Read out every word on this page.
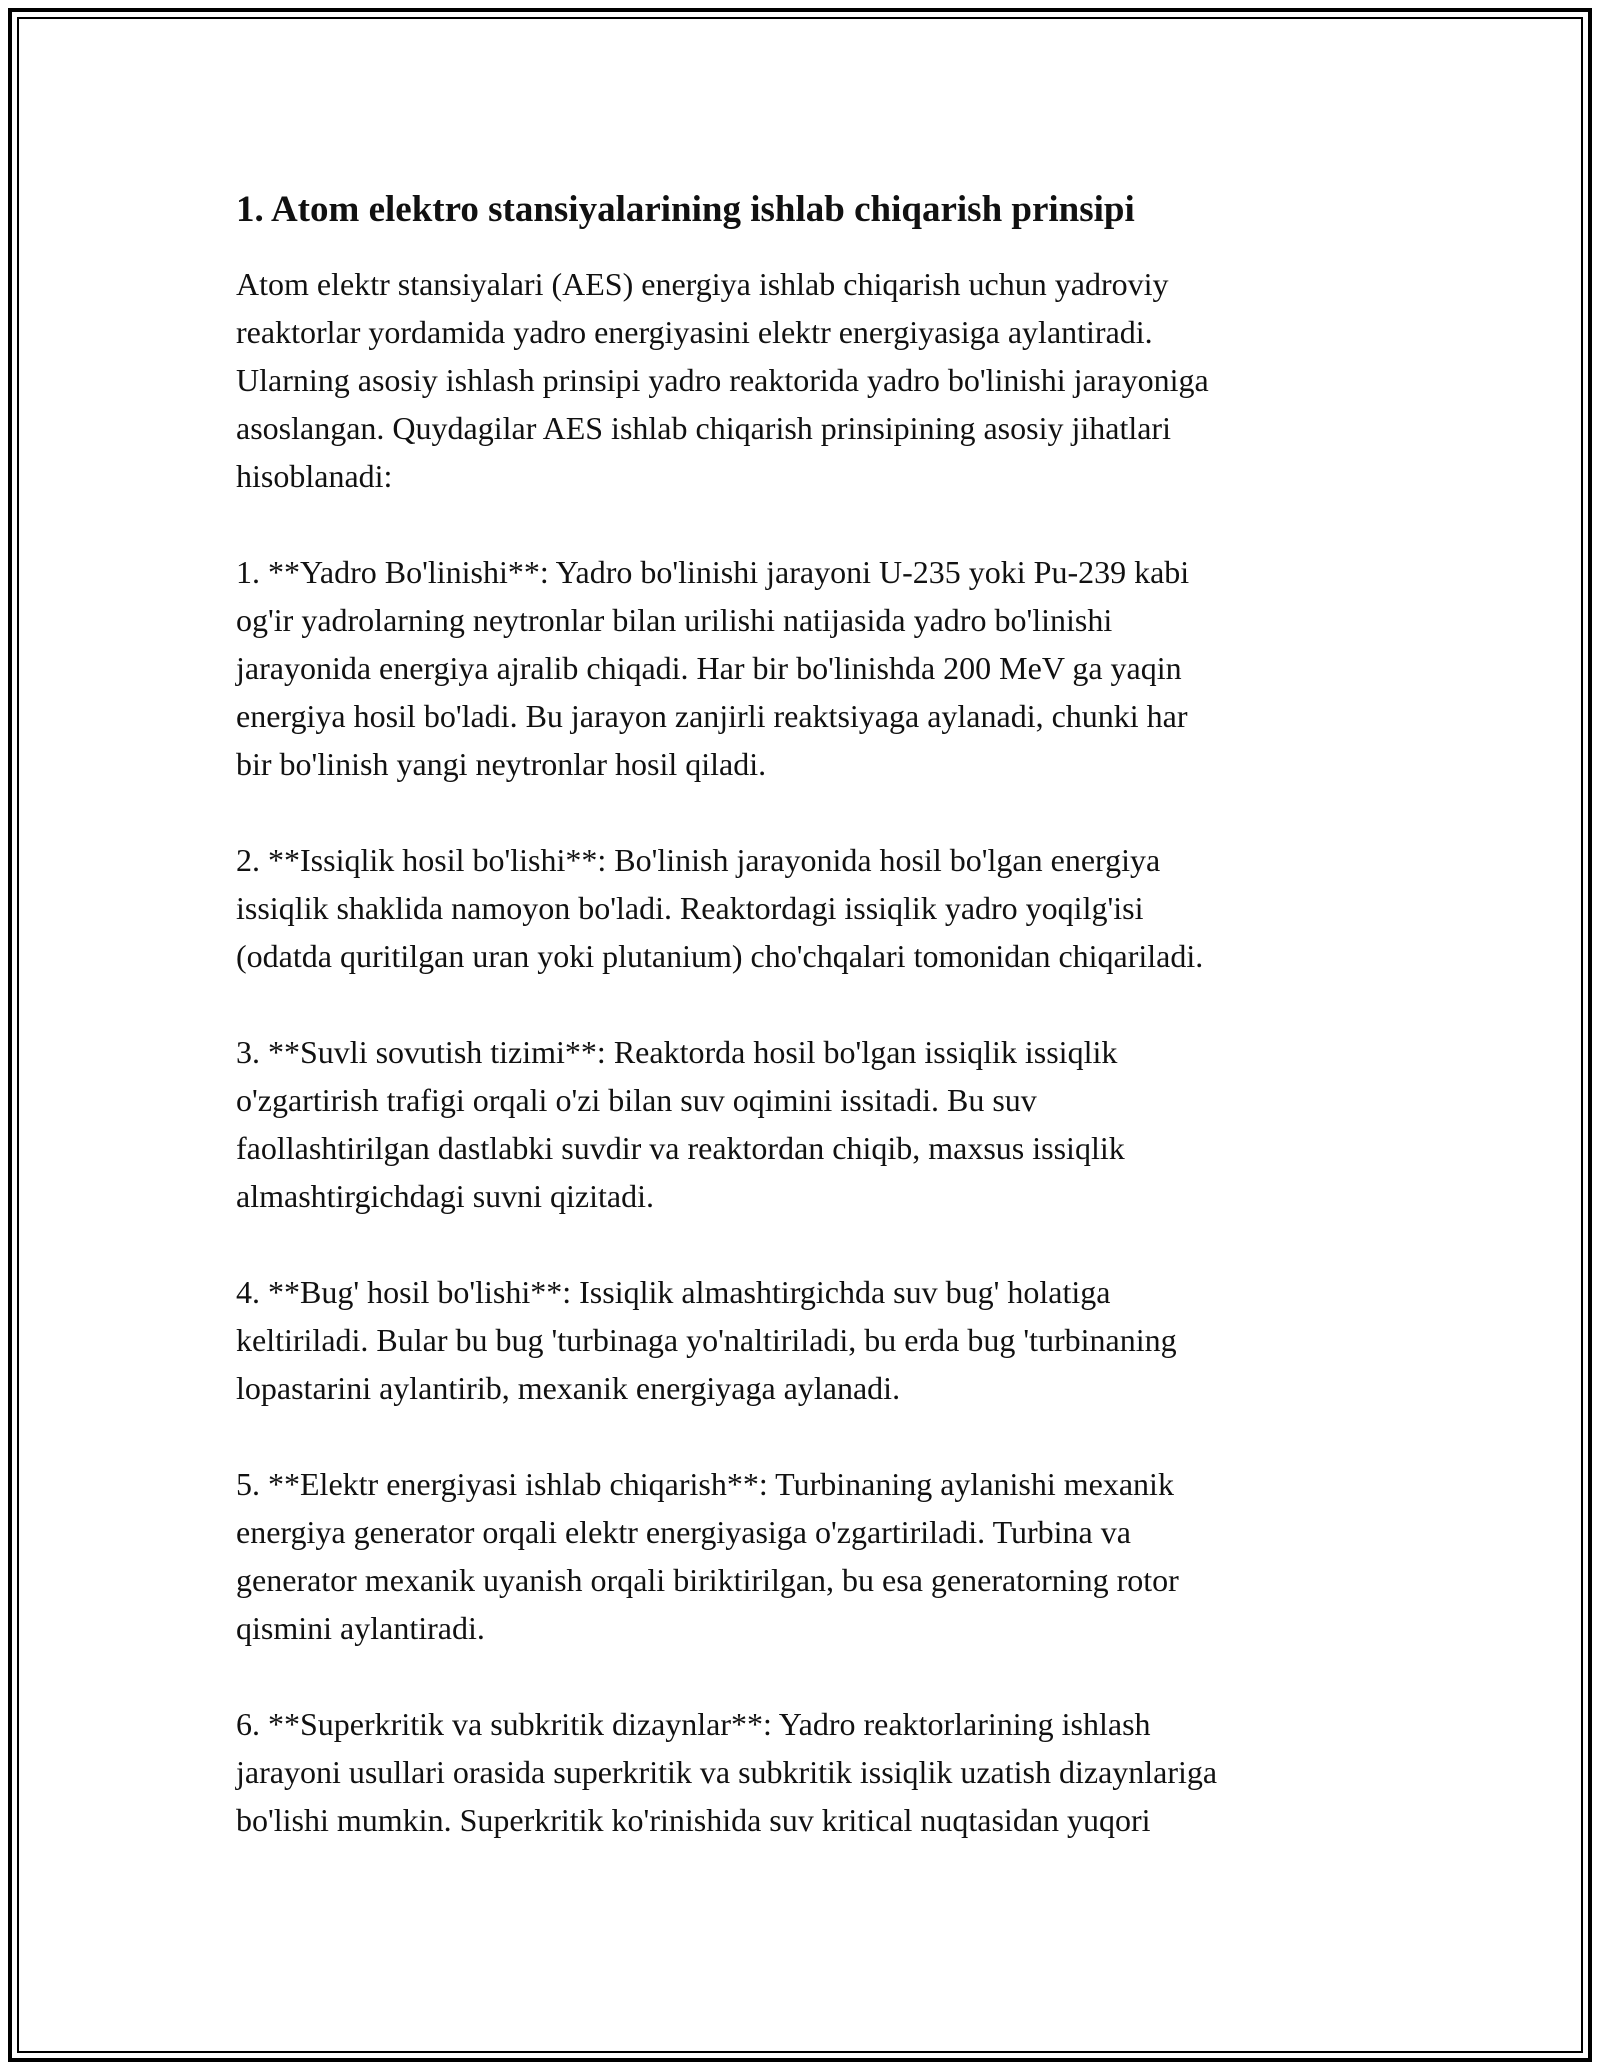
1. Atom elektro stansiyalarining ishlab chiqarish prinsipi

Atom elektr stansiyalari (AES) energiya ishlab chiqarish uchun yadroviy
reaktorlar yordamida yadro energiyasini elektr energiyasiga aylantiradi.
Ularning asosiy ishlash prinsipi yadro reaktorida yadro bo'linishi jarayoniga
asoslangan. Quydagilar AES ishlab chiqarish prinsipining asosiy jihatlari
hisoblanadi:

1. **Yadro Bo'linishi**: Yadro bo'linishi jarayoni U-235 yoki Pu-239 kabi
og'ir yadrolarning neytronlar bilan urilishi natijasida yadro bo'linishi
jarayonida energiya ajralib chiqadi. Har bir bo'linishda 200 MeV ga yaqin
energiya hosil bo'ladi. Bu jarayon zanjirli reaktsiyaga aylanadi, chunki har
bir bo'linish yangi neytronlar hosil qiladi.

2. **Issiqlik hosil bo'lishi**: Bo'linish jarayonida hosil bo'lgan energiya
issiqlik shaklida namoyon bo'ladi. Reaktordagi issiqlik yadro yoqilg'isi
(odatda quritilgan uran yoki plutanium) cho'chqalari tomonidan chiqariladi.

3. **Suvli sovutish tizimi**: Reaktorda hosil bo'lgan issiqlik issiqlik
o'zgartirish trafigi orqali o'zi bilan suv oqimini issitadi. Bu suv
faollashtirilgan dastlabki suvdir va reaktordan chiqib, maxsus issiqlik
almashtirgichdagi suvni qizitadi.

4. **Bug' hosil bo'lishi**: Issiqlik almashtirgichda suv bug' holatiga
keltiriladi. Bular bu bug 'turbinaga yo'naltiriladi, bu erda bug 'turbinaning
lopastarini aylantirib, mexanik energiyaga aylanadi.

5. **Elektr energiyasi ishlab chiqarish**: Turbinaning aylanishi mexanik
energiya generator orqali elektr energiyasiga o'zgartiriladi. Turbina va
generator mexanik uyanish orqali biriktirilgan, bu esa generatorning rotor
qismini aylantiradi.

6. **Superkritik va subkritik dizaynlar**: Yadro reaktorlarining ishlash
jarayoni usullari orasida superkritik va subkritik issiqlik uzatish dizaynlariga
bo'lishi mumkin. Superkritik ko'rinishida suv kritical nuqtasidan yuqori
